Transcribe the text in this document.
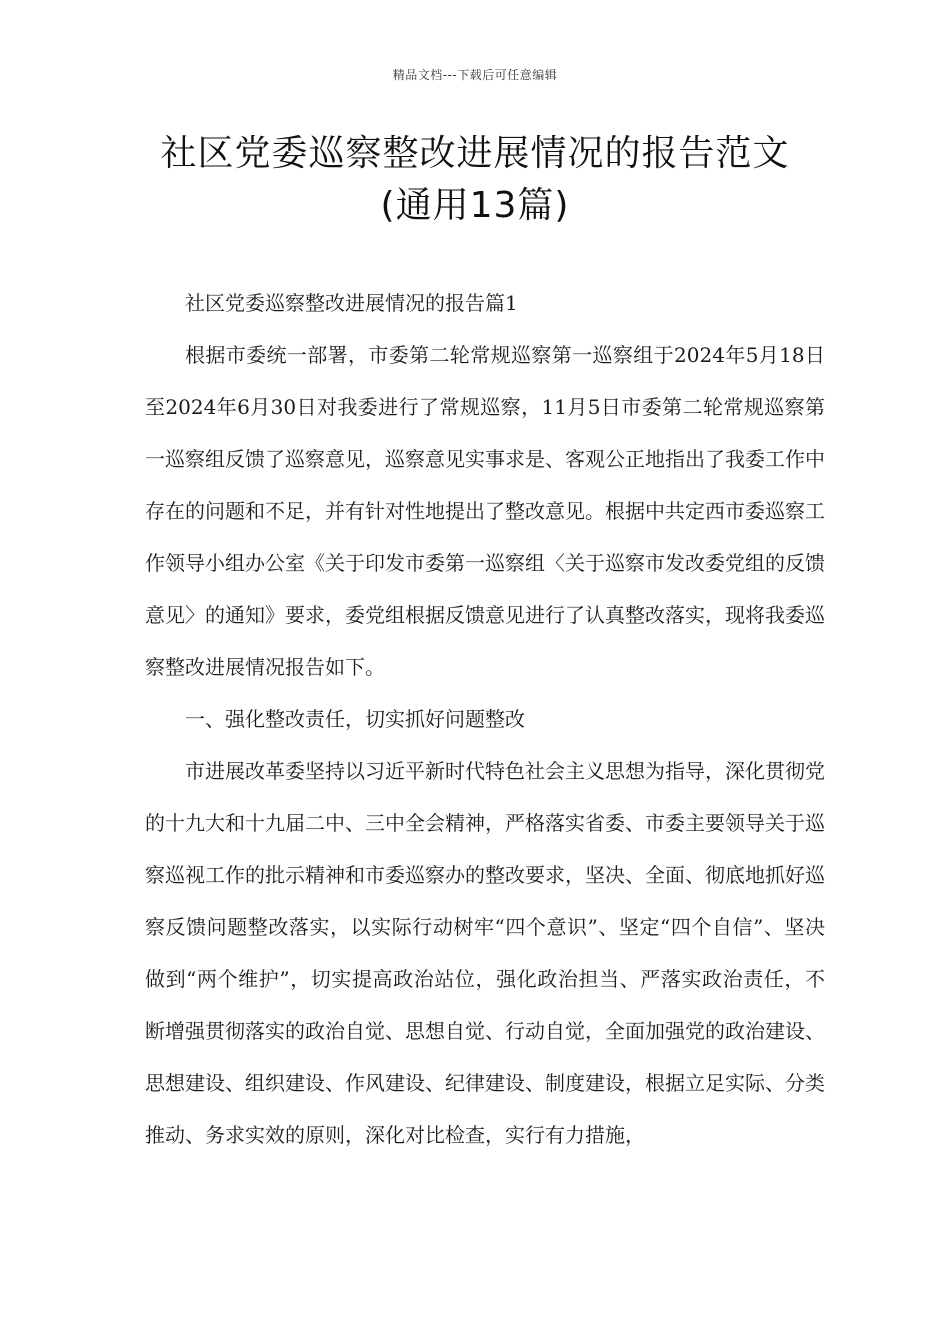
精品文档---下载后可任意编辑
社区党委巡察整改进展情况的报告范文
(通用13篇)

社区党委巡察整改进展情况的报告篇1

根据市委统一部署，市委第二轮常规巡察第一巡察组于2024年5月18日至2024年6月30日对我委进行了常规巡察，11月5日市委第二轮常规巡察第一巡察组反馈了巡察意见，巡察意见实事求是、客观公正地指出了我委工作中存在的问题和不足，并有针对性地提出了整改意见。根据中共定西市委巡察工作领导小组办公室《关于印发市委第一巡察组〈关于巡察市发改委党组的反馈意见〉的通知》要求，委党组根据反馈意见进行了认真整改落实，现将我委巡察整改进展情况报告如下。

一、强化整改责任，切实抓好问题整改

市进展改革委坚持以习近平新时代特色社会主义思想为指导，深化贯彻党的十九大和十九届二中、三中全会精神，严格落实省委、市委主要领导关于巡察巡视工作的批示精神和市委巡察办的整改要求，坚决、全面、彻底地抓好巡察反馈问题整改落实，以实际行动树牢“四个意识”、坚定“四个自信”、坚决做到“两个维护”，切实提高政治站位，强化政治担当、严落实政治责任，不断增强贯彻落实的政治自觉、思想自觉、行动自觉，全面加强党的政治建设、思想建设、组织建设、作风建设、纪律建设、制度建设，根据立足实际、分类推动、务求实效的原则，深化对比检查，实行有力措施，
